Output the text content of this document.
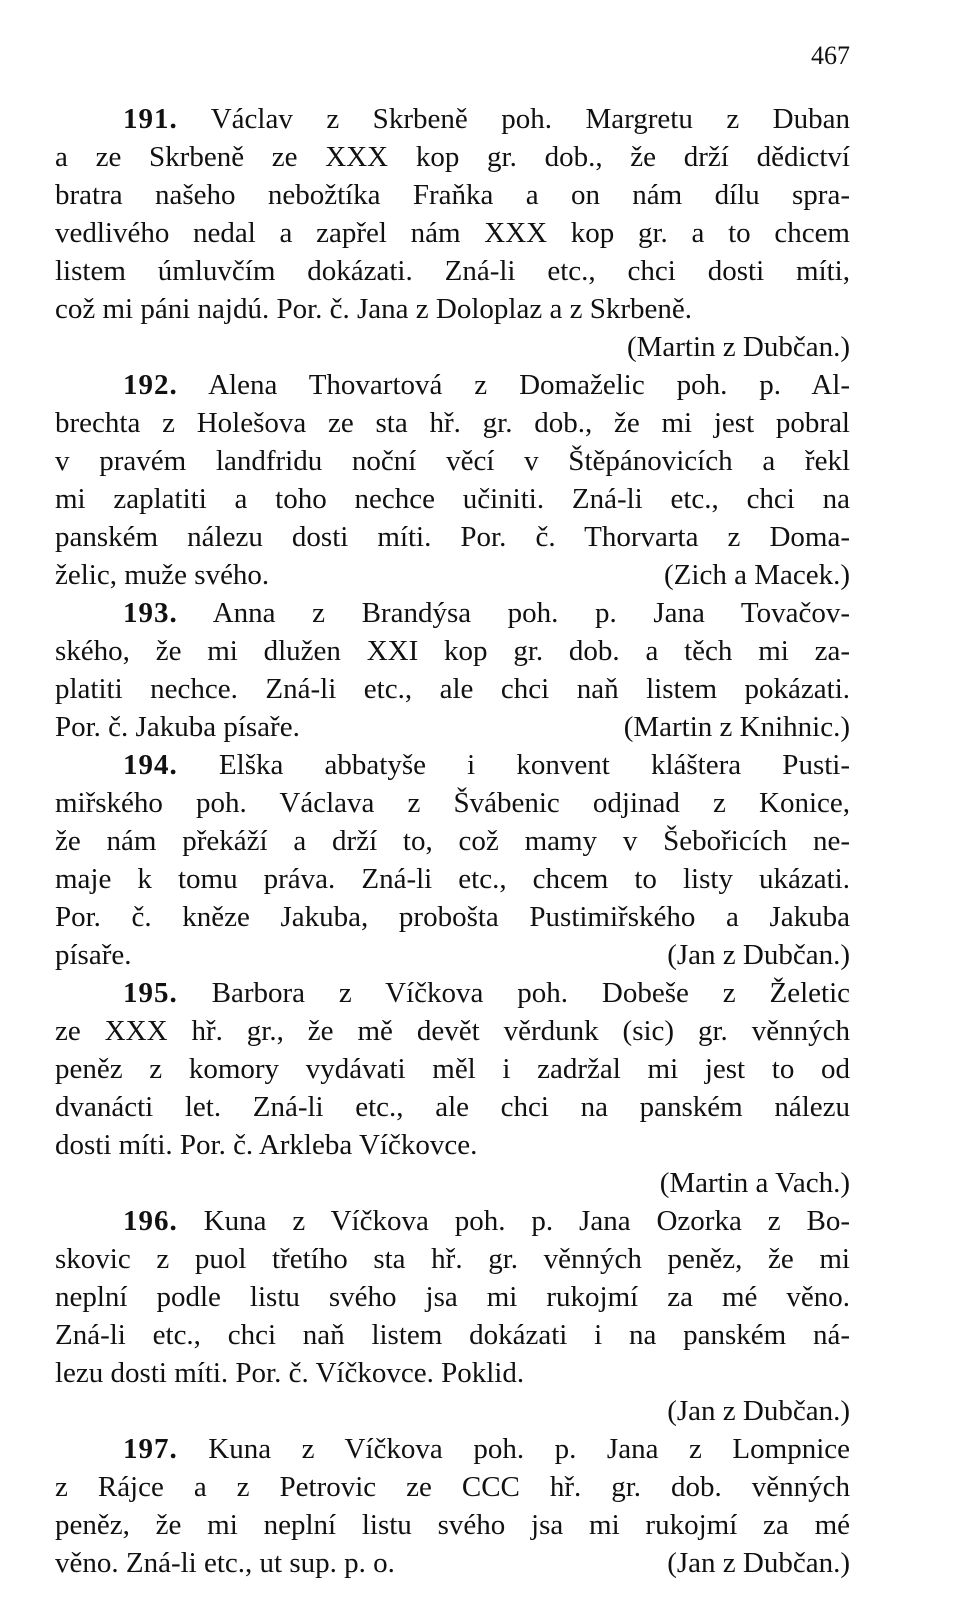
467
191. Václav z Skrbeně poh. Margretu z Duban
a ze Skrbeně ze XXX kop gr. dob., že drží dědictví
bratra našeho nebožtíka Fraňka a on nám dílu spra-
vedlivého nedal a zapřel nám XXX kop gr. a to chcem
listem úmluvčím dokázati. Zná-li etc., chci dosti míti,
což mi páni najdú. Por. č. Jana z Doloplaz a z Skrbeně.
(Martin z Dubčan.)
192. Alena Thovartová z Domaželic poh. p. Al-
brechta z Holešova ze sta hř. gr. dob., že mi jest pobral
v pravém landfridu noční věcí v Štěpánovicích a řekl
mi zaplatiti a toho nechce učiniti. Zná-li etc., chci na
panském nálezu dosti míti. Por. č. Thorvarta z Doma-
želic, muže svého.	(Zich a Macek.)
193. Anna z Brandýsa poh. p. Jana Tovačov-
ského, že mi dlužen XXI kop gr. dob. a těch mi za-
platiti nechce. Zná-li etc., ale chci naň listem pokázati.
Por. č. Jakuba písaře.	(Martin z Knihnic.)
194. Elška abbatyše i konvent kláštera Pusti-
miřského poh. Václava z Švábenic odjinad z Konice,
že nám překáží a drží to, což mamy v Šebořicích ne-
maje k tomu práva. Zná-li etc., chcem to listy ukázati.
Por. č. kněze Jakuba, probošta Pustimiřského a Jakuba
písaře.	(Jan z Dubčan.)
195. Barbora z Víčkova poh. Dobeše z Želetic
ze XXX hř. gr., že mě devět věrdunk (sic) gr. věnných
peněz z komory vydávati měl i zadržal mi jest to od
dvanácti let. Zná-li etc., ale chci na panském nálezu
dosti míti. Por. č. Arkleba Víčkovce.
(Martin a Vach.)
196. Kuna z Víčkova poh. p. Jana Ozorka z Bo-
skovic z puol třetího sta hř. gr. věnných peněz, že mi
neplní podle listu svého jsa mi rukojmí za mé věno.
Zná-li etc., chci naň listem dokázati i na panském ná-
lezu dosti míti. Por. č. Víčkovce. Poklid.
(Jan z Dubčan.)
197. Kuna z Víčkova poh. p. Jana z Lompnice
z Rájce a z Petrovic ze CCC hř. gr. dob. věnných
peněz, že mi neplní listu svého jsa mi rukojmí za mé
věno. Zná-li etc., ut sup. p. o.	(Jan z Dubčan.)
